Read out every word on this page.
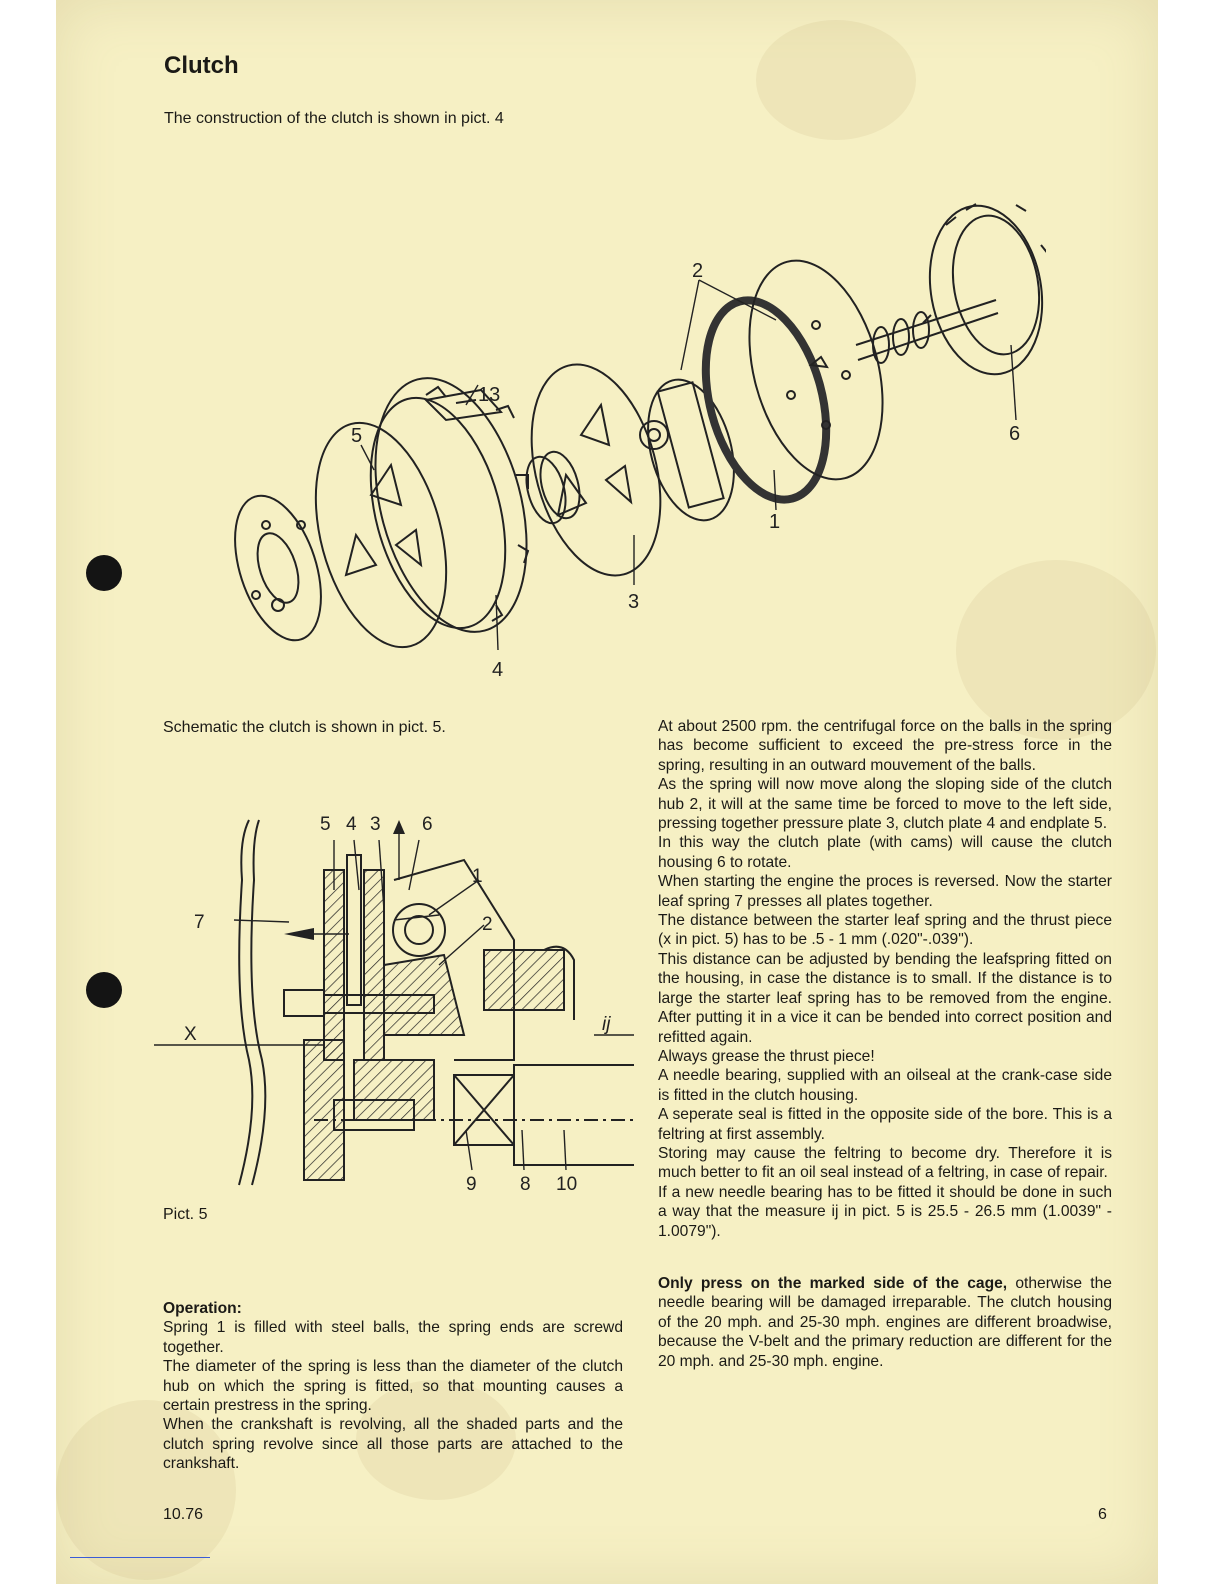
Clutch

The construction of the clutch is shown in pict. 4

2
13
5	6
1
3
4

Schematic the clutch is shown in pict. 5.

5 4 3 6
1
2
7
X	ij
9 8 10

Pict. 5

Operation:

Spring 1 is filled with steel balls, the spring ends are screwd together.

The diameter of the spring is less than the diameter of the clutch hub on which the spring is fitted, so that mounting causes a certain prestress in the spring.

When the crankshaft is revolving, all the shaded parts and the clutch spring revolve since all those parts are attached to the crankshaft.

At about 2500 rpm. the centrifugal force on the balls in the spring has become sufficient to exceed the pre-stress force in the spring, resulting in an outward mouvement of the balls.

As the spring will now move along the sloping side of the clutch hub 2, it will at the same time be forced to move to the left side, pressing together pressure plate 3, clutch plate 4 and endplate 5.

In this way the clutch plate (with cams) will cause the clutch housing 6 to rotate.

When starting the engine the proces is reversed. Now the starter leaf spring 7 presses all plates together.

The distance between the starter leaf spring and the thrust piece (x in pict. 5) has to be .5 - 1 mm (.020"-.039").

This distance can be adjusted by bending the leafspring fitted on the housing, in case the distance is to small. If the distance is to large the starter leaf spring has to be removed from the engine. After putting it in a vice it can be bended into correct position and refitted again.

Always grease the thrust piece!

A needle bearing, supplied with an oilseal at the crank-case side is fitted in the clutch housing.

A seperate seal is fitted in the opposite side of the bore. This is a feltring at first assembly.

Storing may cause the feltring to become dry. Therefore it is much better to fit an oil seal instead of a feltring, in case of repair.

If a new needle bearing has to be fitted it should be done in such a way that the measure ij in pict. 5 is 25.5 - 26.5 mm (1.0039" - 1.0079").

Only press on the marked side of the cage, otherwise the needle bearing will be damaged irreparable. The clutch housing of the 20 mph. and 25-30 mph. engines are different broadwise, because the V-belt and the primary reduction are different for the 20 mph. and 25-30 mph. engine.

10.76	6
